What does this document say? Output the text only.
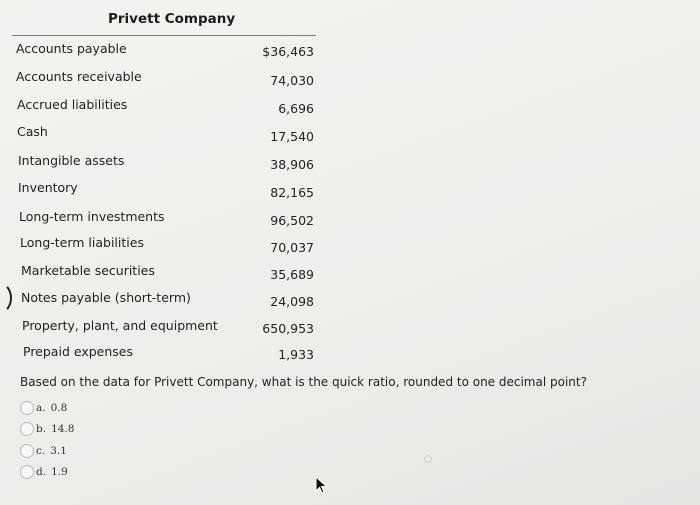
Privett Company
Accounts payable	$36,463
Accounts receivable	74,030
Accrued liabilities	6,696
Cash	17,540
Intangible assets	38,906
Inventory	82,165
Long-term investments	96,502
Long-term liabilities	70,037
Marketable securities	35,689
Notes payable (short-term)	24,098
Property, plant, and equipment	650,953
Prepaid expenses	1,933
Based on the data for Privett Company, what is the quick ratio, rounded to one decimal point?
a. 0.8
b. 14.8
c. 3.1
d. 1.9
